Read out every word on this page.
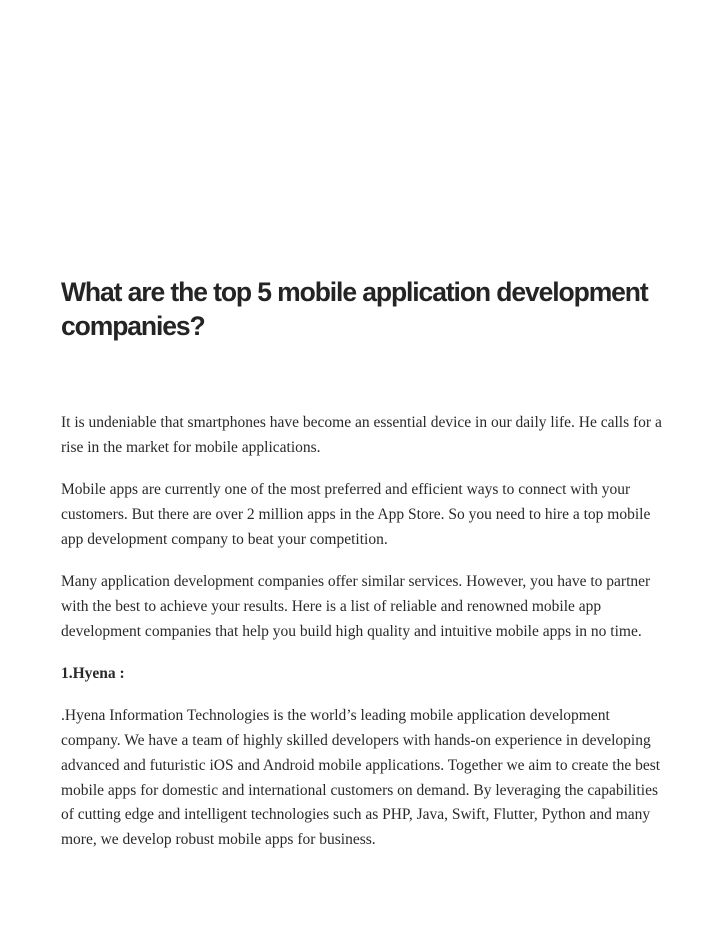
What are the top 5 mobile application development companies?

It is undeniable that smartphones have become an essential device in our daily life. He calls for a rise in the market for mobile applications.

Mobile apps are currently one of the most preferred and efficient ways to connect with your customers. But there are over 2 million apps in the App Store. So you need to hire a top mobile app development company to beat your competition.

Many application development companies offer similar services. However, you have to partner with the best to achieve your results. Here is a list of reliable and renowned mobile app development companies that help you build high quality and intuitive mobile apps in no time.

1.Hyena :

.Hyena Information Technologies is the world’s leading mobile application development company. We have a team of highly skilled developers with hands-on experience in developing advanced and futuristic iOS and Android mobile applications. Together we aim to create the best mobile apps for domestic and international customers on demand. By leveraging the capabilities of cutting edge and intelligent technologies such as PHP, Java, Swift, Flutter, Python and many more, we develop robust mobile apps for business.
